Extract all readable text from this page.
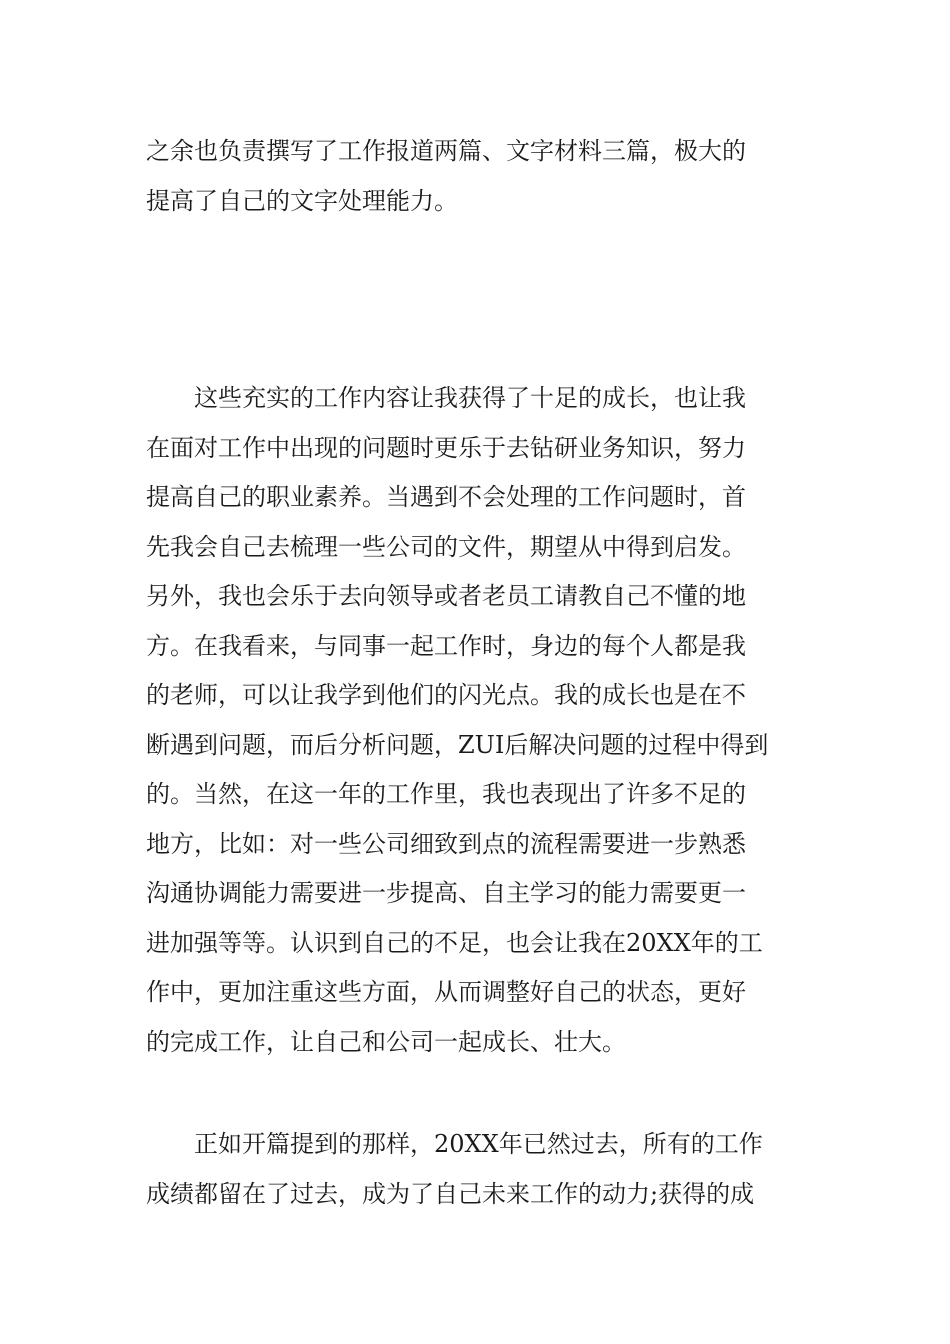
之余也负责撰写了工作报道两篇、文字材料三篇，极大的
提高了自己的文字处理能力。
这些充实的工作内容让我获得了十足的成长，也让我
在面对工作中出现的问题时更乐于去钻研业务知识，努力
提高自己的职业素养。当遇到不会处理的工作问题时，首
先我会自己去梳理一些公司的文件，期望从中得到启发。
另外，我也会乐于去向领导或者老员工请教自己不懂的地
方。在我看来，与同事一起工作时，身边的每个人都是我
的老师，可以让我学到他们的闪光点。我的成长也是在不
断遇到问题，而后分析问题，ZUI后解决问题的过程中得到
的。当然，在这一年的工作里，我也表现出了许多不足的
地方，比如：对一些公司细致到点的流程需要进一步熟悉
沟通协调能力需要进一步提高、自主学习的能力需要更一
进加强等等。认识到自己的不足，也会让我在20XX年的工
作中，更加注重这些方面，从而调整好自己的状态，更好
的完成工作，让自己和公司一起成长、壮大。
正如开篇提到的那样，20XX年已然过去，所有的工作
成绩都留在了过去，成为了自己未来工作的动力;获得的成
